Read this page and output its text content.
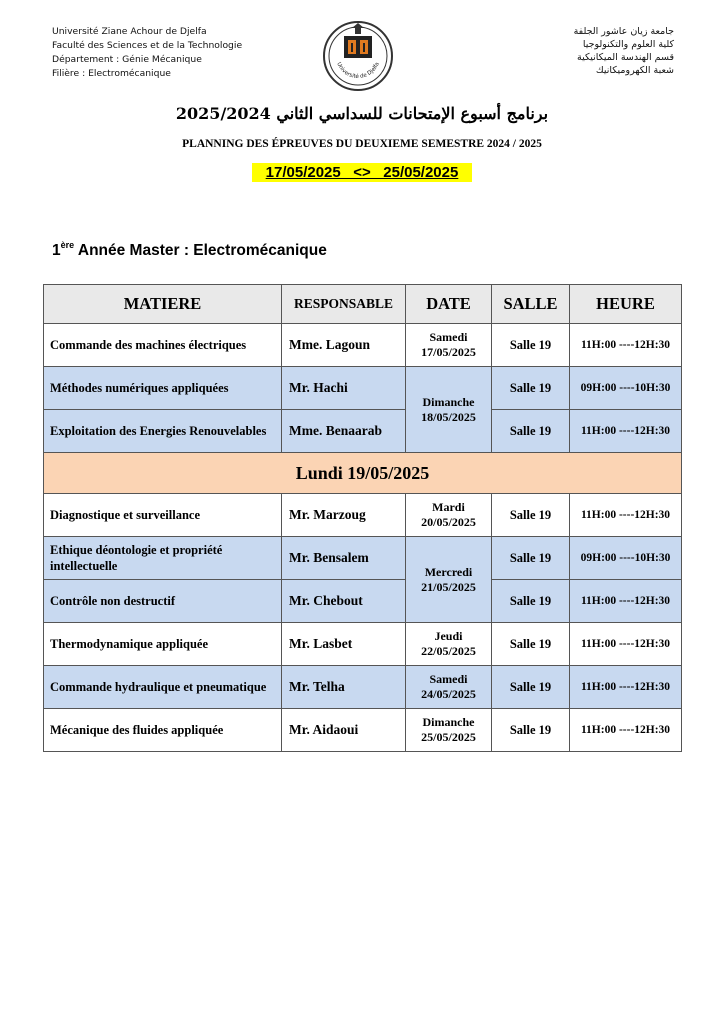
Université Ziane Achour de Djelfa
Faculté des Sciences et de la Technologie
Département : Génie Mécanique
Filière : Electromécanique
Université de Djelfa
جامعة زيان عاشور الجلفة
كلية العلوم والتكنولوجيا
قسم الهندسة الميكانيكية
شعبة الكهروميكانيك
برنامج أسبوع الإمتحانات للسداسي الثاني 2025/2024
PLANNING DES ÉPREUVES DU DEUXIEME SEMESTRE 2024 / 2025
17/05/2025   <>   25/05/2025
1ère Année Master : Electromécanique
MATIERE	RESPONSABLE	DATE	SALLE	HEURE
Commande des machines électriques	Mme. Lagoun	Samedi 17/05/2025	Salle 19	11H:00 ----12H:30
Méthodes numériques appliquées	Mr. Hachi	Dimanche 18/05/2025	Salle 19	09H:00 ----10H:30
Exploitation des Energies Renouvelables	Mme. Benaarab		Salle 19	11H:00 ----12H:30
Lundi 19/05/2025				
Diagnostique et surveillance	Mr. Marzoug	Mardi 20/05/2025	Salle 19	11H:00 ----12H:30
Ethique déontologie et propriété intellectuelle	Mr. Bensalem	Mercredi 21/05/2025	Salle 19	09H:00 ----10H:30
Contrôle non destructif	Mr. Chebout		Salle 19	11H:00 ----12H:30
Thermodynamique appliquée	Mr. Lasbet	Jeudi 22/05/2025	Salle 19	11H:00 ----12H:30
Commande hydraulique et pneumatique	Mr. Telha	Samedi 24/05/2025	Salle 19	11H:00 ----12H:30
Mécanique des fluides appliquée	Mr. Aidaoui	Dimanche 25/05/2025	Salle 19	11H:00 ----12H:30
